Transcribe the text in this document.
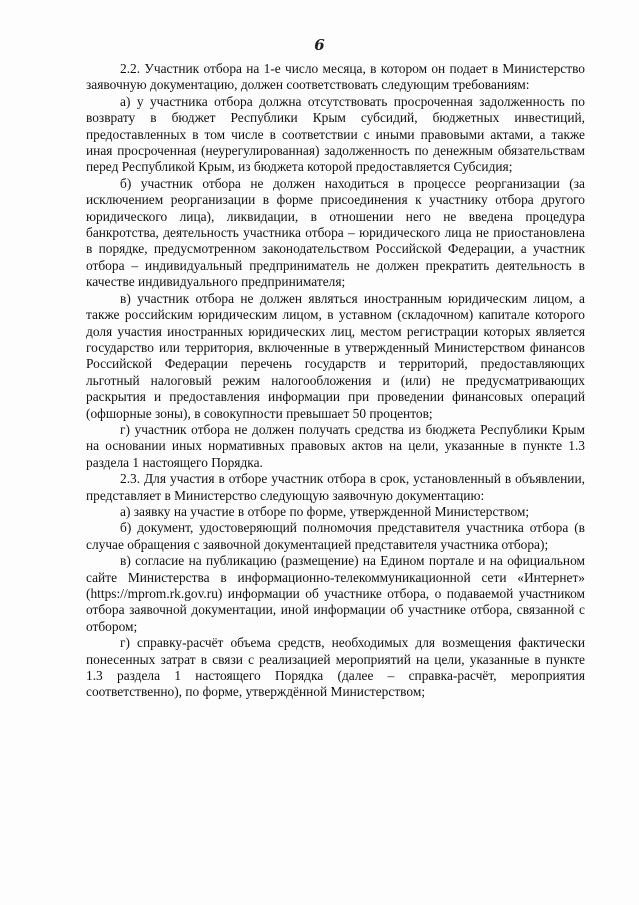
6

2.2. Участник отбора на 1-е число месяца, в котором он подает в Министерство заявочную документацию, должен соответствовать следующим требованиям:

а) у участника отбора должна отсутствовать просроченная задолженность по возврату в бюджет Республики Крым субсидий, бюджетных инвестиций, предоставленных в том числе в соответствии с иными правовыми актами, а также иная просроченная (неурегулированная) задолженность по денежным обязательствам перед Республикой Крым, из бюджета которой предоставляется Субсидия;

б) участник отбора не должен находиться в процессе реорганизации (за исключением реорганизации в форме присоединения к участнику отбора другого юридического лица), ликвидации, в отношении него не введена процедура банкротства, деятельность участника отбора – юридического лица не приостановлена в порядке, предусмотренном законодательством Российской Федерации, а участник отбора – индивидуальный предприниматель не должен прекратить деятельность в качестве индивидуального предпринимателя;

в) участник отбора не должен являться иностранным юридическим лицом, а также российским юридическим лицом, в уставном (складочном) капитале которого доля участия иностранных юридических лиц, местом регистрации которых является государство или территория, включенные в утвержденный Министерством финансов Российской Федерации перечень государств и территорий, предоставляющих льготный налоговый режим налогообложения и (или) не предусматривающих раскрытия и предоставления информации при проведении финансовых операций (офшорные зоны), в совокупности превышает 50 процентов;

г) участник отбора не должен получать средства из бюджета Республики Крым на основании иных нормативных правовых актов на цели, указанные в пункте 1.3 раздела 1 настоящего Порядка.

2.3. Для участия в отборе участник отбора в срок, установленный в объявлении, представляет в Министерство следующую заявочную документацию:

а) заявку на участие в отборе по форме, утвержденной Министерством;

б) документ, удостоверяющий полномочия представителя участника отбора (в случае обращения с заявочной документацией представителя участника отбора);

в) согласие на публикацию (размещение) на Едином портале и на официальном сайте Министерства в информационно-телекоммуникационной сети «Интернет» (https://mprom.rk.gov.ru) информации об участнике отбора, о подаваемой участником отбора заявочной документации, иной информации об участнике отбора, связанной с отбором;

г) справку-расчёт объема средств, необходимых для возмещения фактически понесенных затрат в связи с реализацией мероприятий на цели, указанные в пункте 1.3 раздела 1 настоящего Порядка (далее – справка-расчёт, мероприятия соответственно), по форме, утверждённой Министерством;
